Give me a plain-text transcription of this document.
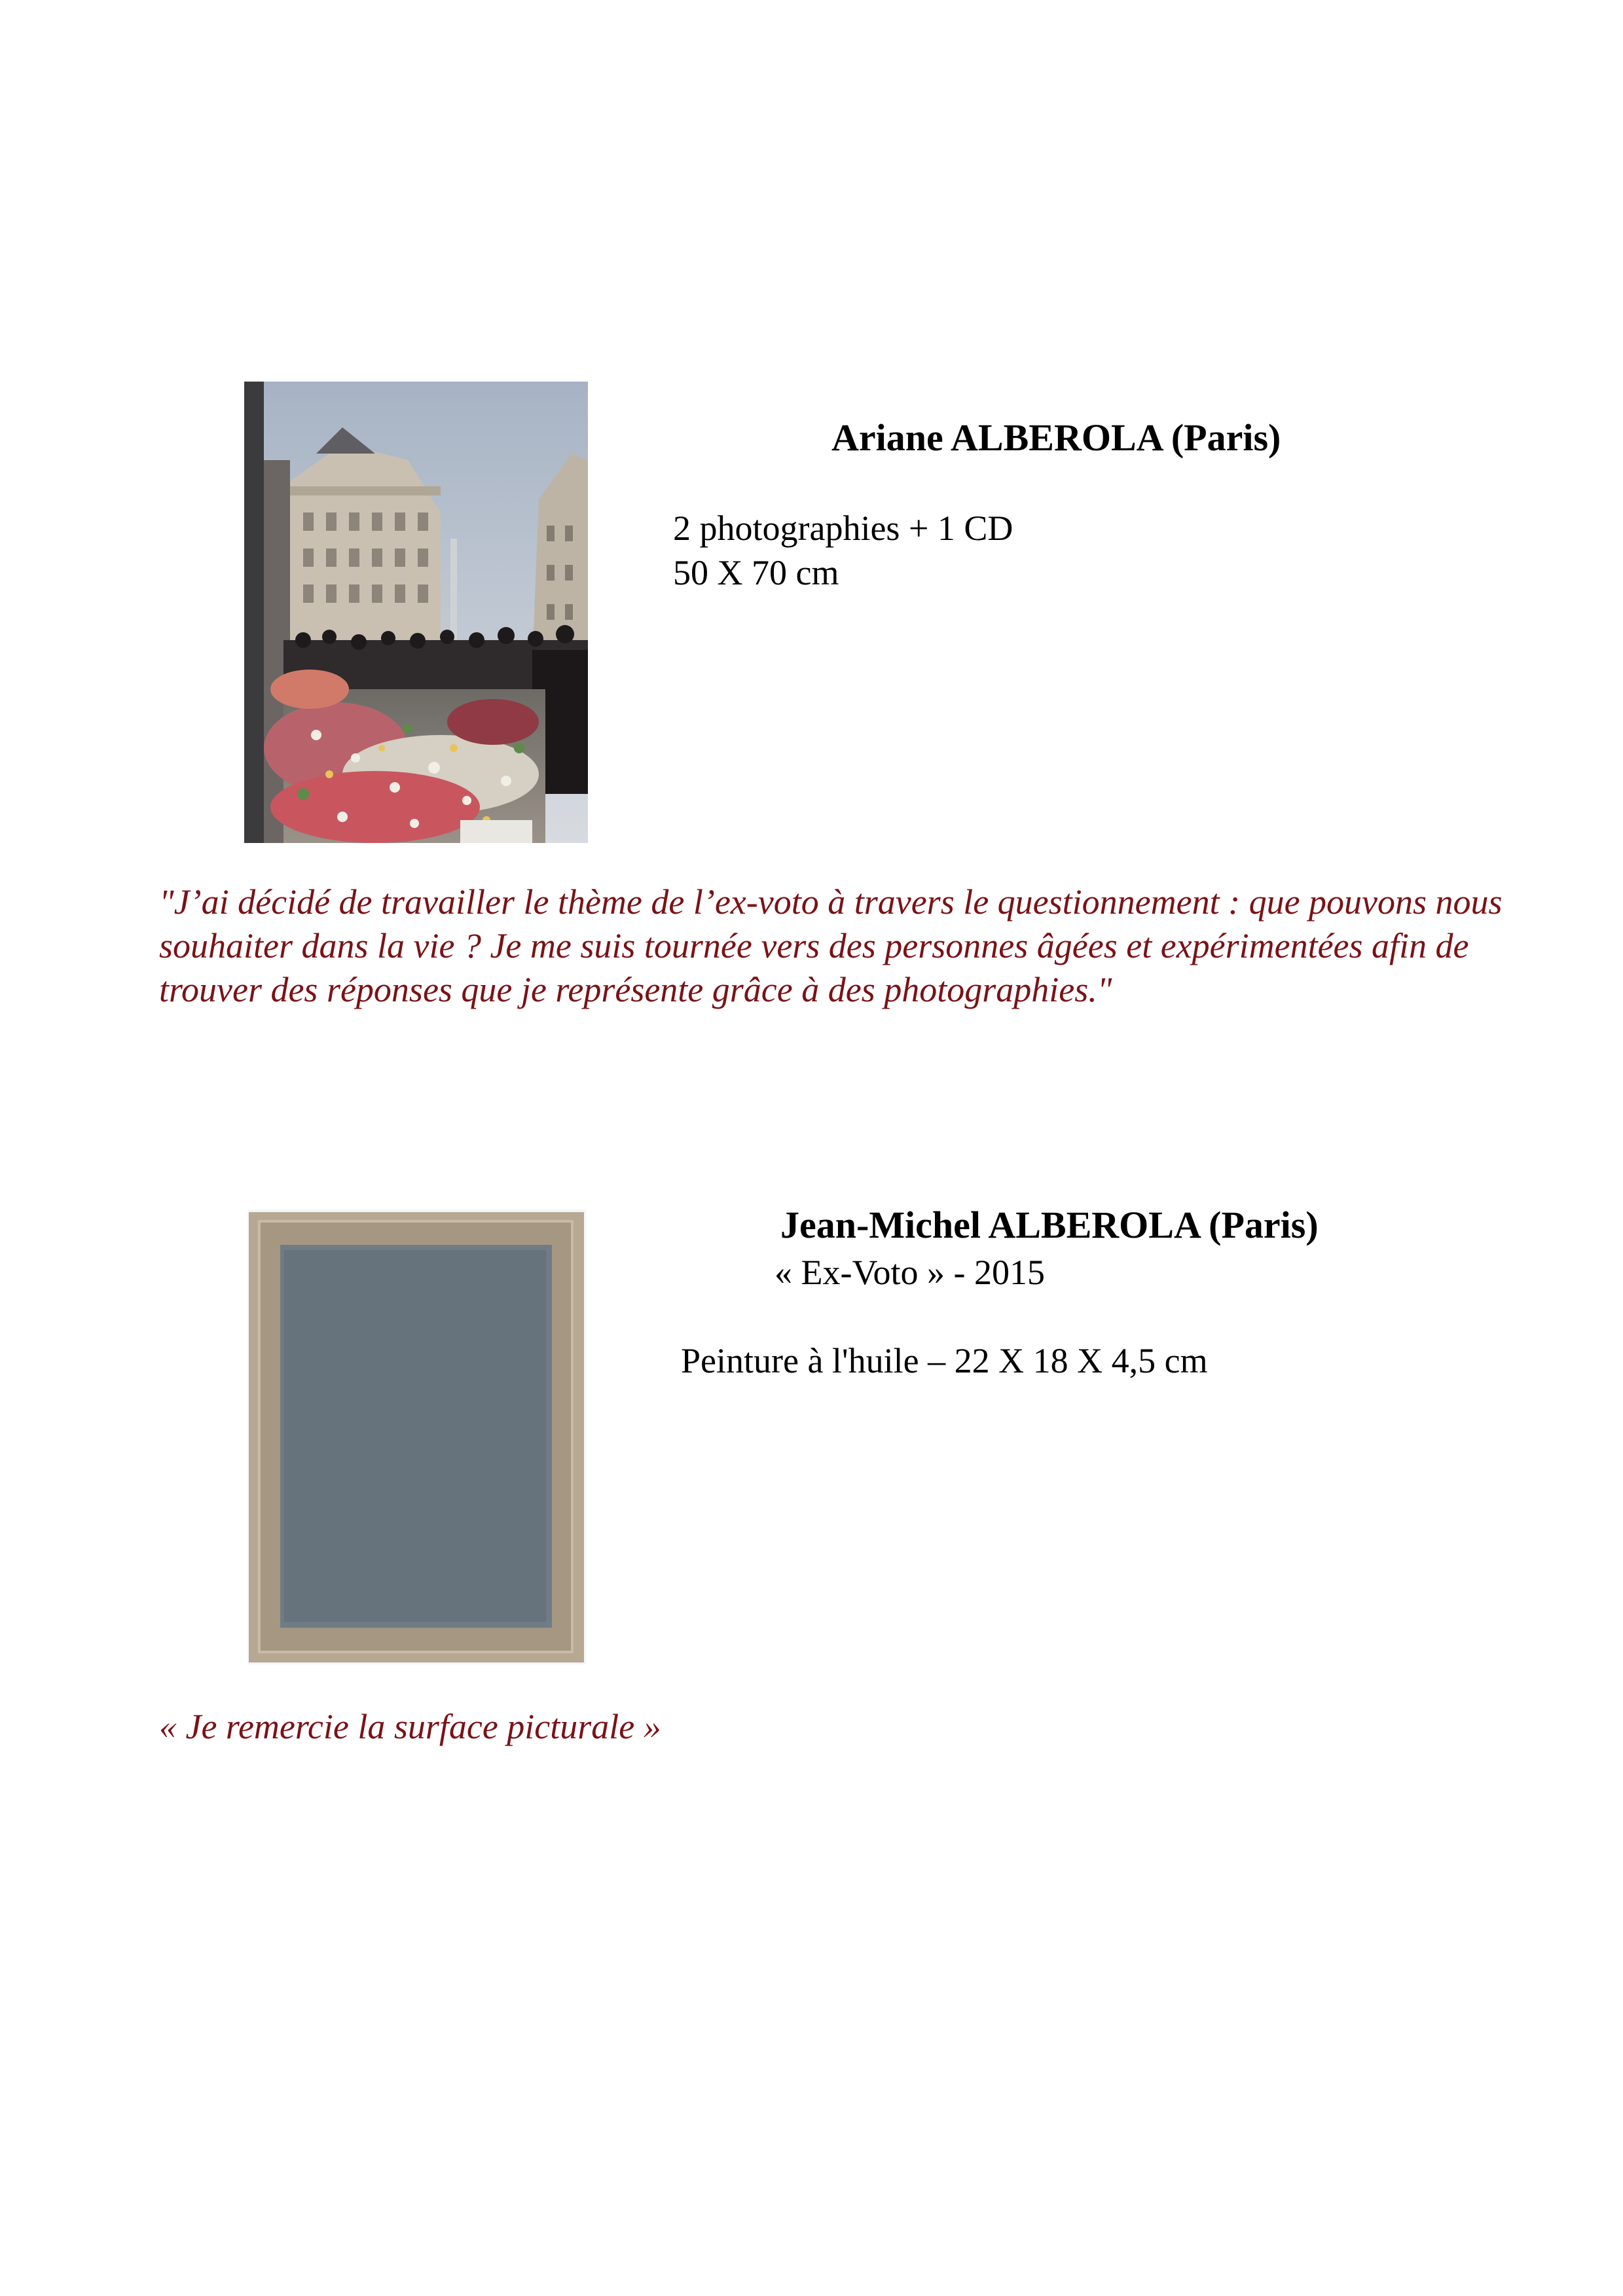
Ariane ALBEROLA (Paris)
2 photographies + 1 CD
50 X 70 cm
"J’ai décidé de travailler le thème de l’ex-voto à travers le questionnement : que pouvons nous souhaiter dans la vie ? Je me suis tournée vers des personnes âgées et expérimentées afin de trouver des réponses que je représente grâce à des photographies."
Jean-Michel ALBEROLA (Paris)
« Ex-Voto » - 2015
Peinture à l'huile – 22 X 18 X 4,5 cm
« Je remercie la surface picturale »
